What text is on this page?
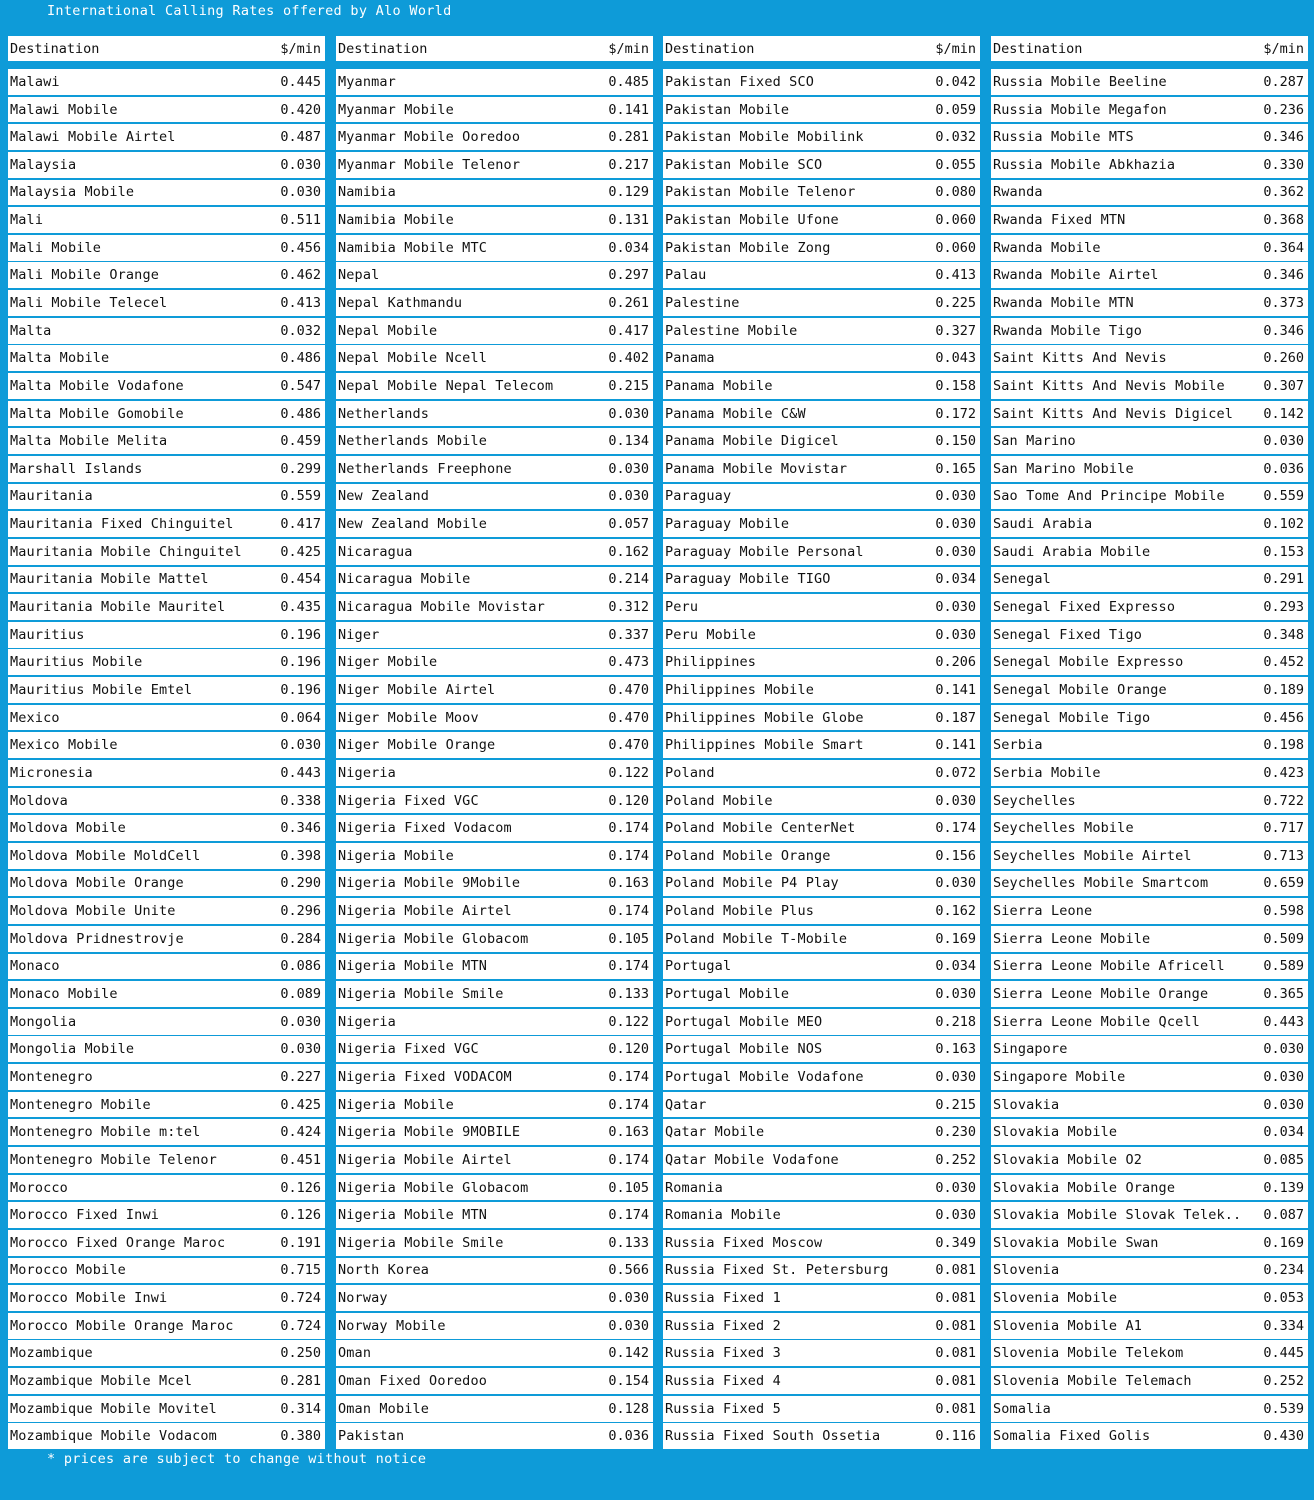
International Calling Rates offered by Alo World
Destination	$/min
Malawi	0.445
Malawi Mobile	0.420
Malawi Mobile Airtel	0.487
Malaysia	0.030
Malaysia Mobile	0.030
Mali	0.511
Mali Mobile	0.456
Mali Mobile Orange	0.462
Mali Mobile Telecel	0.413
Malta	0.032
Malta Mobile	0.486
Malta Mobile Vodafone	0.547
Malta Mobile Gomobile	0.486
Malta Mobile Melita	0.459
Marshall Islands	0.299
Mauritania	0.559
Mauritania Fixed Chinguitel	0.417
Mauritania Mobile Chinguitel	0.425
Mauritania Mobile Mattel	0.454
Mauritania Mobile Mauritel	0.435
Mauritius	0.196
Mauritius Mobile	0.196
Mauritius Mobile Emtel	0.196
Mexico	0.064
Mexico Mobile	0.030
Micronesia	0.443
Moldova	0.338
Moldova Mobile	0.346
Moldova Mobile MoldCell	0.398
Moldova Mobile Orange	0.290
Moldova Mobile Unite	0.296
Moldova Pridnestrovje	0.284
Monaco	0.086
Monaco Mobile	0.089
Mongolia	0.030
Mongolia Mobile	0.030
Montenegro	0.227
Montenegro Mobile	0.425
Montenegro Mobile m:tel	0.424
Montenegro Mobile Telenor	0.451
Morocco	0.126
Morocco Fixed Inwi	0.126
Morocco Fixed Orange Maroc	0.191
Morocco Mobile	0.715
Morocco Mobile Inwi	0.724
Morocco Mobile Orange Maroc	0.724
Mozambique	0.250
Mozambique Mobile Mcel	0.281
Mozambique Mobile Movitel	0.314
Mozambique Mobile Vodacom	0.380
Destination	$/min
Myanmar	0.485
Myanmar Mobile	0.141
Myanmar Mobile Ooredoo	0.281
Myanmar Mobile Telenor	0.217
Namibia	0.129
Namibia Mobile	0.131
Namibia Mobile MTC	0.034
Nepal	0.297
Nepal Kathmandu	0.261
Nepal Mobile	0.417
Nepal Mobile Ncell	0.402
Nepal Mobile Nepal Telecom	0.215
Netherlands	0.030
Netherlands Mobile	0.134
Netherlands Freephone	0.030
New Zealand	0.030
New Zealand Mobile	0.057
Nicaragua	0.162
Nicaragua Mobile	0.214
Nicaragua Mobile Movistar	0.312
Niger	0.337
Niger Mobile	0.473
Niger Mobile Airtel	0.470
Niger Mobile Moov	0.470
Niger Mobile Orange	0.470
Nigeria	0.122
Nigeria Fixed VGC	0.120
Nigeria Fixed Vodacom	0.174
Nigeria Mobile	0.174
Nigeria Mobile 9Mobile	0.163
Nigeria Mobile Airtel	0.174
Nigeria Mobile Globacom	0.105
Nigeria Mobile MTN	0.174
Nigeria Mobile Smile	0.133
Nigeria	0.122
Nigeria Fixed VGC	0.120
Nigeria Fixed VODACOM	0.174
Nigeria Mobile	0.174
Nigeria Mobile 9MOBILE	0.163
Nigeria Mobile Airtel	0.174
Nigeria Mobile Globacom	0.105
Nigeria Mobile MTN	0.174
Nigeria Mobile Smile	0.133
North Korea	0.566
Norway	0.030
Norway Mobile	0.030
Oman	0.142
Oman Fixed Ooredoo	0.154
Oman Mobile	0.128
Pakistan	0.036
Destination	$/min
Pakistan Fixed SCO	0.042
Pakistan Mobile	0.059
Pakistan Mobile Mobilink	0.032
Pakistan Mobile SCO	0.055
Pakistan Mobile Telenor	0.080
Pakistan Mobile Ufone	0.060
Pakistan Mobile Zong	0.060
Palau	0.413
Palestine	0.225
Palestine Mobile	0.327
Panama	0.043
Panama Mobile	0.158
Panama Mobile C&W	0.172
Panama Mobile Digicel	0.150
Panama Mobile Movistar	0.165
Paraguay	0.030
Paraguay Mobile	0.030
Paraguay Mobile Personal	0.030
Paraguay Mobile TIGO	0.034
Peru	0.030
Peru Mobile	0.030
Philippines	0.206
Philippines Mobile	0.141
Philippines Mobile Globe	0.187
Philippines Mobile Smart	0.141
Poland	0.072
Poland Mobile	0.030
Poland Mobile CenterNet	0.174
Poland Mobile Orange	0.156
Poland Mobile P4 Play	0.030
Poland Mobile Plus	0.162
Poland Mobile T-Mobile	0.169
Portugal	0.034
Portugal Mobile	0.030
Portugal Mobile MEO	0.218
Portugal Mobile NOS	0.163
Portugal Mobile Vodafone	0.030
Qatar	0.215
Qatar Mobile	0.230
Qatar Mobile Vodafone	0.252
Romania	0.030
Romania Mobile	0.030
Russia Fixed Moscow	0.349
Russia Fixed St. Petersburg	0.081
Russia Fixed 1	0.081
Russia Fixed 2	0.081
Russia Fixed 3	0.081
Russia Fixed 4	0.081
Russia Fixed 5	0.081
Russia Fixed South Ossetia	0.116
Destination	$/min
Russia Mobile Beeline	0.287
Russia Mobile Megafon	0.236
Russia Mobile MTS	0.346
Russia Mobile Abkhazia	0.330
Rwanda	0.362
Rwanda Fixed MTN	0.368
Rwanda Mobile	0.364
Rwanda Mobile Airtel	0.346
Rwanda Mobile MTN	0.373
Rwanda Mobile Tigo	0.346
Saint Kitts And Nevis	0.260
Saint Kitts And Nevis Mobile	0.307
Saint Kitts And Nevis Digicel	0.142
San Marino	0.030
San Marino Mobile	0.036
Sao Tome And Principe Mobile	0.559
Saudi Arabia	0.102
Saudi Arabia Mobile	0.153
Senegal	0.291
Senegal Fixed Expresso	0.293
Senegal Fixed Tigo	0.348
Senegal Mobile Expresso	0.452
Senegal Mobile Orange	0.189
Senegal Mobile Tigo	0.456
Serbia	0.198
Serbia Mobile	0.423
Seychelles	0.722
Seychelles Mobile	0.717
Seychelles Mobile Airtel	0.713
Seychelles Mobile Smartcom	0.659
Sierra Leone	0.598
Sierra Leone Mobile	0.509
Sierra Leone Mobile Africell	0.589
Sierra Leone Mobile Orange	0.365
Sierra Leone Mobile Qcell	0.443
Singapore	0.030
Singapore Mobile	0.030
Slovakia	0.030
Slovakia Mobile	0.034
Slovakia Mobile O2	0.085
Slovakia Mobile Orange	0.139
Slovakia Mobile Slovak Telek..	0.087
Slovakia Mobile Swan	0.169
Slovenia	0.234
Slovenia Mobile	0.053
Slovenia Mobile A1	0.334
Slovenia Mobile Telekom	0.445
Slovenia Mobile Telemach	0.252
Somalia	0.539
Somalia Fixed Golis	0.430
* prices are subject to change without notice
